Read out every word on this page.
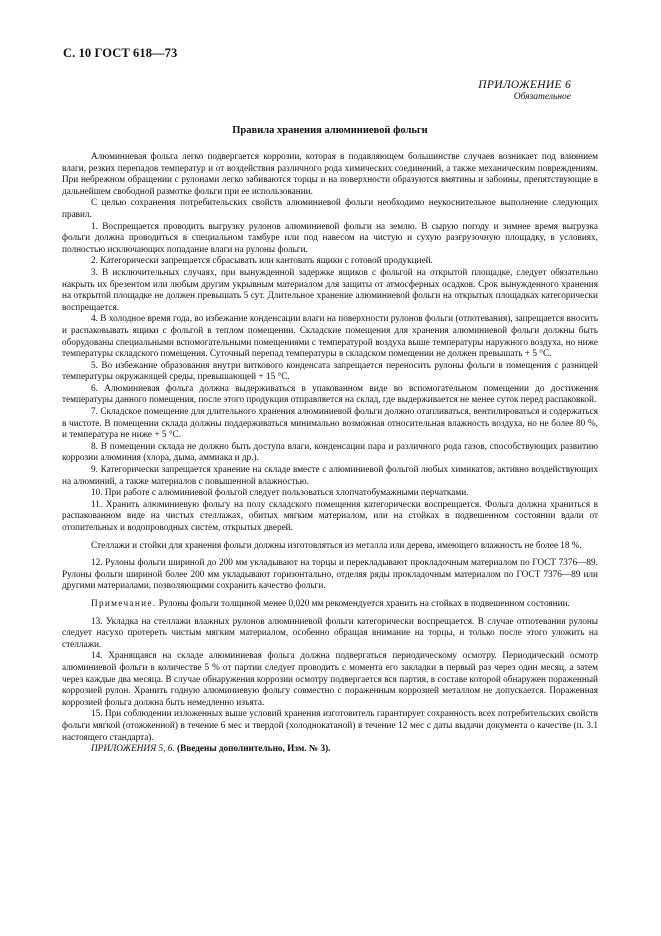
С. 10 ГОСТ 618—73
ПРИЛОЖЕНИЕ 6
Обязательное
Правила хранения алюминиевой фольги

Алюминиевая фольга легко подвергается коррозии, которая в подавляющем большинстве случаев возникает под влиянием влаги, резких перепадов температур и от воздействия различного рода химических соединений, а также механическим повреждениям. При небрежном обращении с рулонами легко забиваются торцы и на поверхности образуются вмятины и забоины, препятствующие в дальнейшем свободной размотке фольги при ее использовании.

С целью сохранения потребительских свойств алюминиевой фольги необходимо неукоснительное выполнение следующих правил.

1. Воспрещается проводить выгрузку рулонов алюминиевой фольги на землю. В сырую погоду и зимнее время выгрузка фольги должна проводиться в специальном тамбуре или под навесом на чистую и сухую разгрузочную площадку, в условиях, полностью исключающих попадание влаги на рулоны фольги.

2. Категорически запрещается сбрасывать или кантовать ящики с готовой продукцией.

3. В исключительных случаях, при вынужденной задержке ящиков с фольгой на открытой площадке, следует обязательно накрыть их брезентом или любым другим укрывным материалом для защиты от атмосферных осадков. Срок вынужденного хранения на открытой площадке не должен превышать 5 сут. Длительное хранение алюминиевой фольги на открытых площадках категорически воспрещается.

4. В холодное время года, во избежание конденсации влаги на поверхности рулонов фольги (отпотевания), запрещается вносить и распаковывать ящики с фольгой в теплом помещении. Складские помещения для хранения алюминиевой фольги должны быть оборудованы специальными вспомогательными помещениями с температурой воздуха выше температуры наружного воздуха, но ниже температуры складского помещения. Суточный перепад температуры в складском помещении не должен превышать + 5 °С.

5. Во избежание образования внутри виткового конденсата запрещается переносить рулоны фольги в помещения с разницей температуры окружающей среды, превышающей + 15 °С.

6. Алюминиевая фольга должна выдерживаться в упакованном виде во вспомогательном помещении до достижения температуры данного помещения, после этого продукция отправляется на склад, где выдерживается не менее суток перед распаковкой.

7. Складское помещение для длительного хранения алюминиевой фольги должно отапливаться, вентилироваться и содержаться в чистоте. В помещении склада должны поддерживаться минимально возможная относительная влажность воздуха, но не более 80 %, и температура не ниже + 5 °С.

8. В помещении склада не должно быть доступа влаги, конденсации пара и различного рода газов, способствующих развитию коррозии алюминия (хлора, дыма, аммиака и др.).

9. Категорически запрещается хранение на складе вместе с алюминиевой фольгой любых химикатов, активно воздействующих на алюминий, а также материалов с повышенной влажностью.

10. При работе с алюминиевой фольгой следует пользоваться хлопчатобумажными перчатками.

11. Хранить алюминиевую фольгу на полу складского помещения категорически воспрещается. Фольга должна храниться в распакованном виде на чистых стеллажах, обитых мягким материалом, или на стойках в подвешенном состоянии вдали от отопительных и водопроводных систем, открытых дверей.

Стеллажи и стойки для хранения фольги должны изготовляться из металла или дерева, имеющего влажность не более 18 %.

12. Рулоны фольги шириной до 200 мм укладывают на торцы и перекладывают прокладочным материалом по ГОСТ 7376—89. Рулоны фольги шириной более 200 мм укладывают горизонтально, отделяя ряды прокладочным материалом по ГОСТ 7376—89 или другими материалами, позволяющими сохранить качество фольги.

Примечание. Рулоны фольги толщиной менее 0,020 мм рекомендуется хранить на стойках в подвешенном состоянии.

13. Укладка на стеллажи влажных рулонов алюминиевой фольги категорически воспрещается. В случае отпотевания рулоны следует насухо протереть чистым мягким материалом, особенно обращая внимание на торцы, и только после этого уложить на стеллажи.

14. Хранящаяся на складе алюминиевая фольга должна подвергаться периодическому осмотру. Периодический осмотр алюминиевой фольги в количестве 5 % от партии следует проводить с момента его закладки в первый раз через один месяц, а затем через каждые два месяца. В случае обнаружения коррозии осмотру подвергается вся партия, в составе которой обнаружен пораженный коррозией рулон. Хранить годную алюминиевую фольгу совместно с пораженным коррозией металлом не допускается. Пораженная коррозией фольга должна быть немедленно изъята.

15. При соблюдении изложенных выше условий хранения изготовитель гарантирует сохранность всех потребительских свойств фольги мягкой (отожженной) в течение 6 мес и твердой (холоднокатаной) в течение 12 мес с даты выдачи документа о качестве (п. 3.1 настоящего стандарта).

ПРИЛОЖЕНИЯ 5, 6. (Введены дополнительно, Изм. № 3).
